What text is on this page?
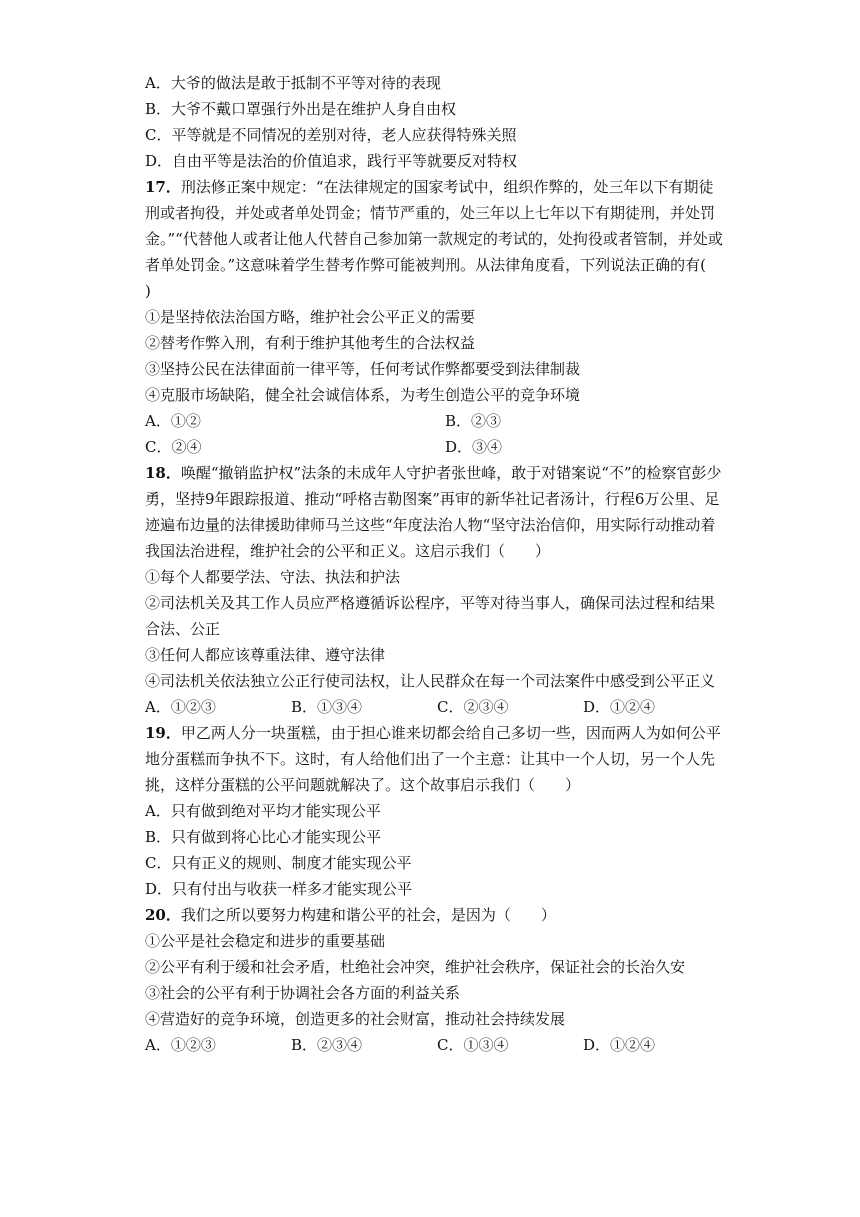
A．大爷的做法是敢于抵制不平等对待的表现
B．大爷不戴口罩强行外出是在维护人身自由权
C．平等就是不同情况的差别对待，老人应获得特殊关照
D．自由平等是法治的价值追求，践行平等就要反对特权
17．刑法修正案中规定：“在法律规定的国家考试中，组织作弊的，处三年以下有期徒刑或者拘役，并处或者单处罚金；情节严重的，处三年以上七年以下有期徒刑，并处罚金。”“代替他人或者让他人代替自己参加第一款规定的考试的，处拘役或者管制，并处或者单处罚金。”这意味着学生替考作弊可能被判刑。从法律角度看，下列说法正确的有(　　)
①是坚持依法治国方略，维护社会公平正义的需要
②替考作弊入刑，有利于维护其他考生的合法权益
③坚持公民在法律面前一律平等，任何考试作弊都要受到法律制裁
④克服市场缺陷，健全社会诚信体系，为考生创造公平的竞争环境
A．①②	B．②③
C．②④	D．③④
18．唤醒“撤销监护权”法条的未成年人守护者张世峰，敢于对错案说“不”的检察官彭少勇，坚持9年跟踪报道、推动“呼格吉勒图案”再审的新华社记者汤计，行程6万公里、足迹遍布边量的法律援助律师马兰这些“年度法治人物“坚守法治信仰，用实际行动推动着我国法治进程，维护社会的公平和正义。这启示我们（　　）
①每个人都要学法、守法、执法和护法
②司法机关及其工作人员应严格遵循诉讼程序，平等对待当事人，确保司法过程和结果合法、公正
③任何人都应该尊重法律、遵守法律
④司法机关依法独立公正行使司法权，让人民群众在每一个司法案件中感受到公平正义
A．①②③	B．①③④	C．②③④	D．①②④
19．甲乙两人分一块蛋糕，由于担心谁来切都会给自己多切一些，因而两人为如何公平地分蛋糕而争执不下。这时，有人给他们出了一个主意：让其中一个人切，另一个人先挑，这样分蛋糕的公平问题就解决了。这个故事启示我们（　　）
A．只有做到绝对平均才能实现公平
B．只有做到将心比心才能实现公平
C．只有正义的规则、制度才能实现公平
D．只有付出与收获一样多才能实现公平
20．我们之所以要努力构建和谐公平的社会，是因为（　　）
①公平是社会稳定和进步的重要基础
②公平有利于缓和社会矛盾，杜绝社会冲突，维护社会秩序，保证社会的长治久安
③社会的公平有利于协调社会各方面的利益关系
④营造好的竞争环境，创造更多的社会财富，推动社会持续发展
A．①②③	B．②③④	C．①③④	D．①②④
